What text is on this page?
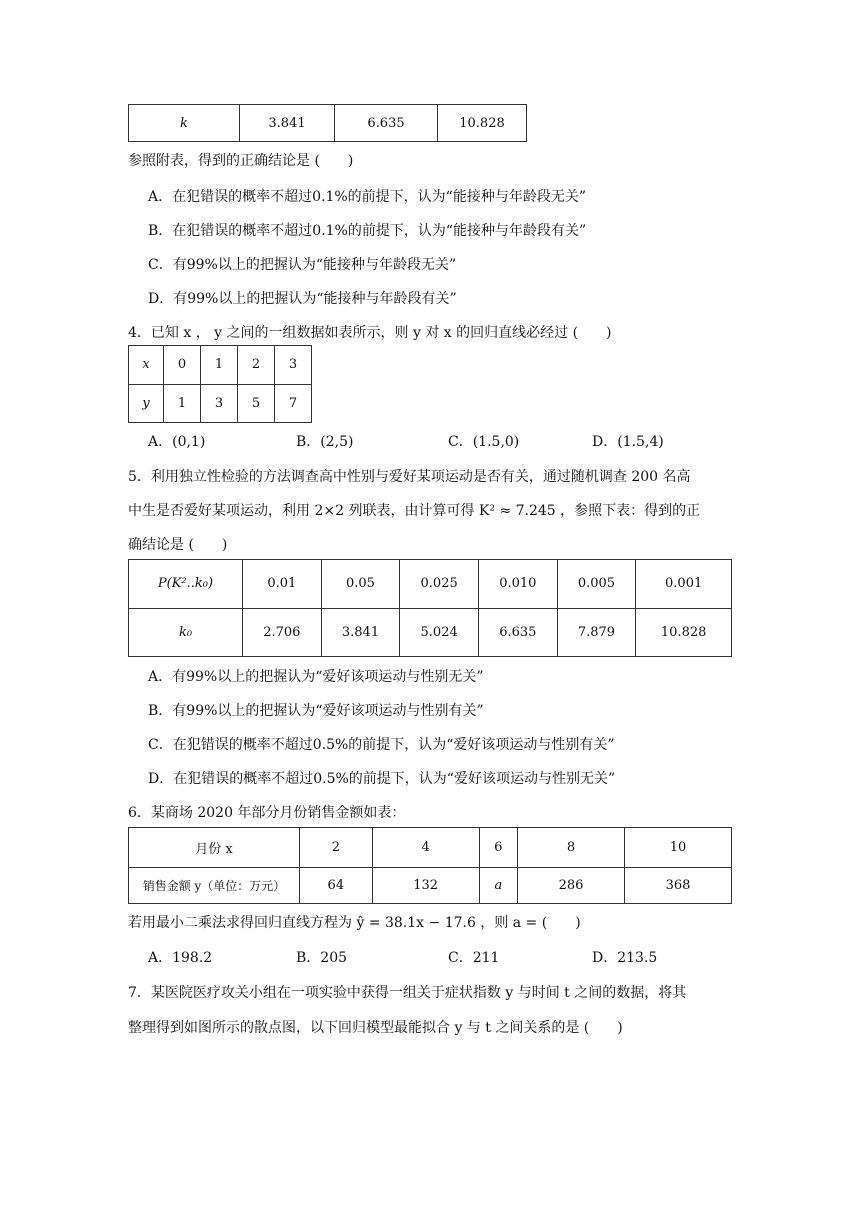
k	3.841	6.635	10.828
参照附表，得到的正确结论是 (　　)
A．在犯错误的概率不超过0.1%的前提下，认为“能接种与年龄段无关”
B．在犯错误的概率不超过0.1%的前提下，认为“能接种与年龄段有关”
C．有99%以上的把握认为“能接种与年龄段无关”
D．有99%以上的把握认为“能接种与年龄段有关”
4．已知 x ， y 之间的一组数据如表所示，则 y 对 x 的回归直线必经过 (　　)
x	0	1	2	3
y	1	3	5	7
A．(0,1)	B．(2,5)	C．(1.5,0)	D．(1.5,4)
5．利用独立性检验的方法调查高中性别与爱好某项运动是否有关，通过随机调查 200 名高
中生是否爱好某项运动，利用 2×2 列联表，由计算可得 K² ≈ 7.245 ，参照下表：得到的正
确结论是 (　　)
P(K²..k₀)	0.01	0.05	0.025	0.010	0.005	0.001
k₀	2.706	3.841	5.024	6.635	7.879	10.828
A．有99%以上的把握认为“爱好该项运动与性别无关”
B．有99%以上的把握认为“爱好该项运动与性别有关”
C．在犯错误的概率不超过0.5%的前提下，认为“爱好该项运动与性别有关”
D．在犯错误的概率不超过0.5%的前提下，认为“爱好该项运动与性别无关”
6．某商场 2020 年部分月份销售金额如表：
月份 x	2	4	6	8	10
销售金额 y（单位：万元）	64	132	a	286	368
若用最小二乘法求得回归直线方程为 ŷ = 38.1x − 17.6 ，则 a = (　　)
A．198.2	B．205	C．211	D．213.5
7．某医院医疗攻关小组在一项实验中获得一组关于症状指数 y 与时间 t 之间的数据，将其
整理得到如图所示的散点图，以下回归模型最能拟合 y 与 t 之间关系的是 (　　)
